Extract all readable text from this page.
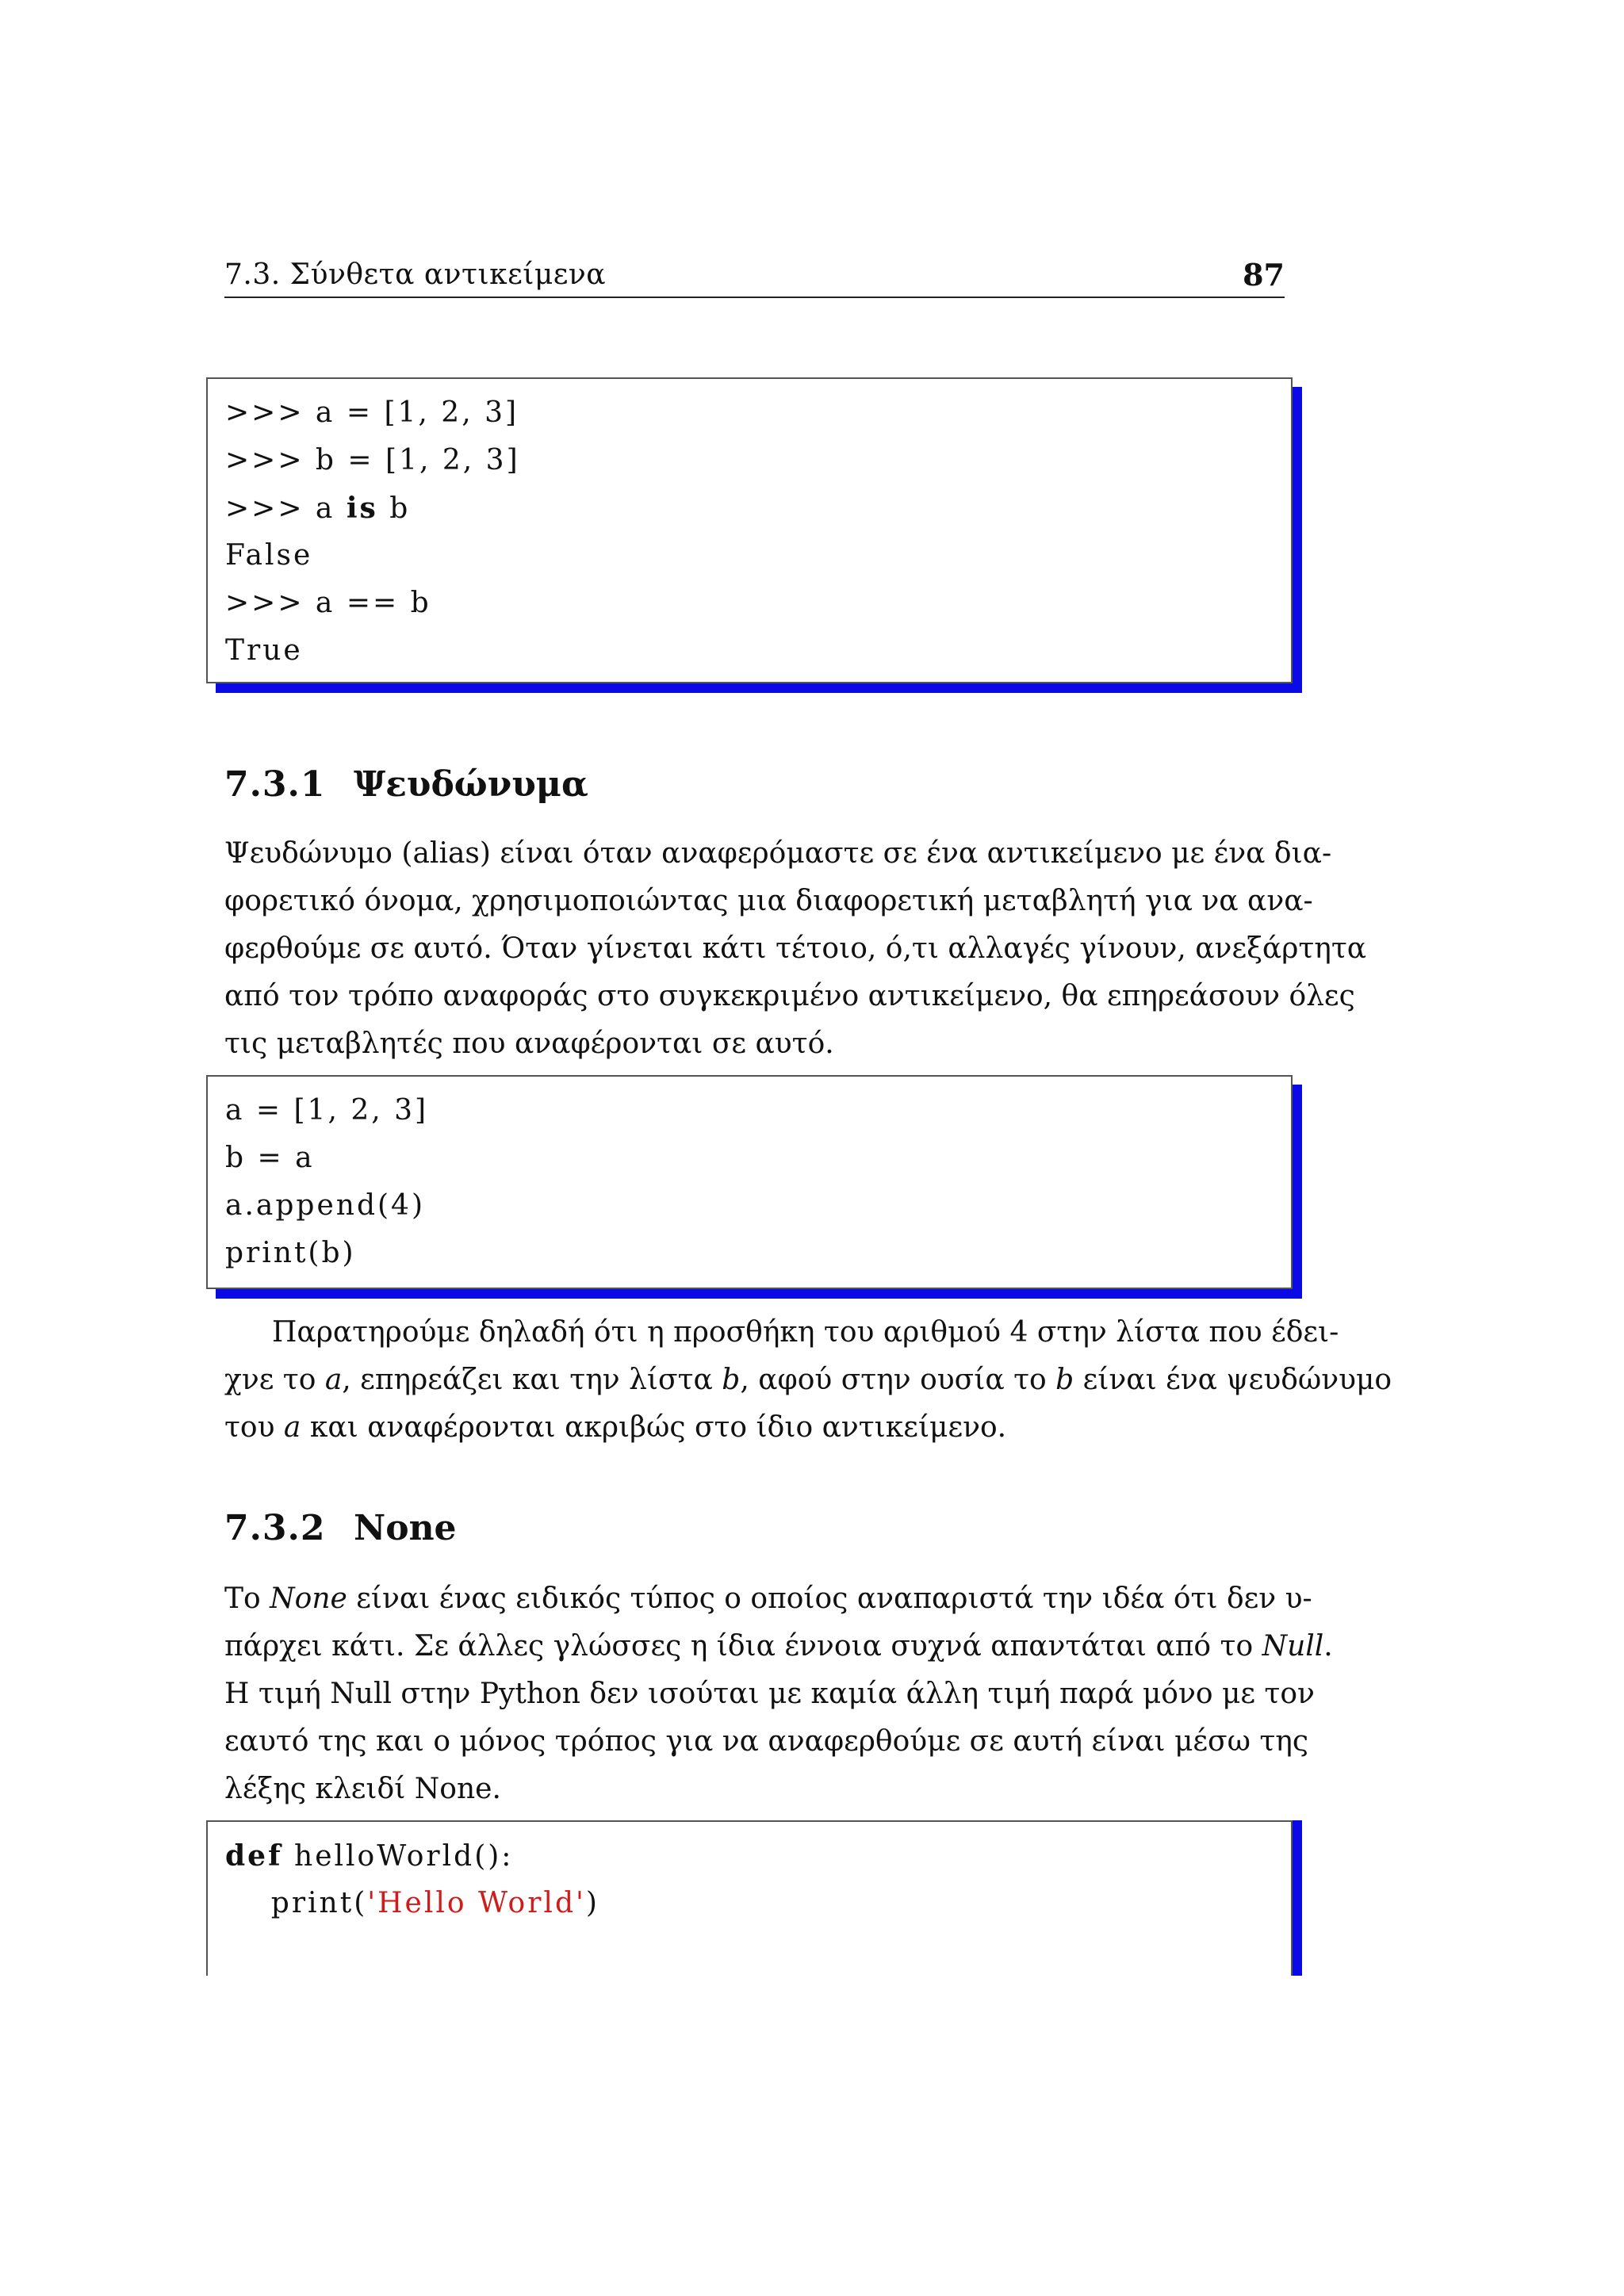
7.3. Σύνθετα αντικείμενα	87
>>> a = [1, 2, 3]
>>> b = [1, 2, 3]
>>> a is b
False
>>> a == b
True
7.3.1 Ψευδώνυμα
Ψευδώνυμο (alias) είναι όταν αναφερόμαστε σε ένα αντικείμενο με ένα δια-
φορετικό όνομα, χρησιμοποιώντας μια διαφορετική μεταβλητή για να ανα-
φερθούμε σε αυτό. Όταν γίνεται κάτι τέτοιο, ό,τι αλλαγές γίνουν, ανεξάρτητα
από τον τρόπο αναφοράς στο συγκεκριμένο αντικείμενο, θα επηρεάσουν όλες
τις μεταβλητές που αναφέρονται σε αυτό.
a = [1, 2, 3]
b = a
a.append(4)
print(b)
Παρατηρούμε δηλαδή ότι η προσθήκη του αριθμού 4 στην λίστα που έδει-
χνε το a, επηρεάζει και την λίστα b, αφού στην ουσία το b είναι ένα ψευδώνυμο
του a και αναφέρονται ακριβώς στο ίδιο αντικείμενο.
7.3.2 None
Το None είναι ένας ειδικός τύπος ο οποίος αναπαριστά την ιδέα ότι δεν υ-
πάρχει κάτι. Σε άλλες γλώσσες η ίδια έννοια συχνά απαντάται από το Null.
Η τιμή Null στην Python δεν ισούται με καμία άλλη τιμή παρά μόνο με τον
εαυτό της και ο μόνος τρόπος για να αναφερθούμε σε αυτή είναι μέσω της
λέξης κλειδί None.
def helloWorld():
print('Hello World')
